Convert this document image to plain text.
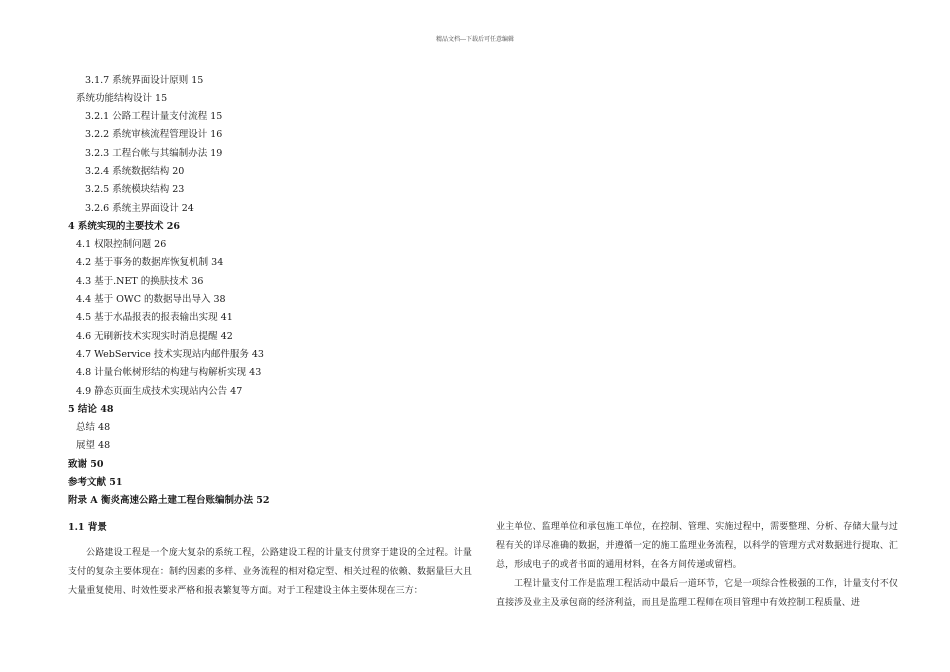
精品文档---下载后可任意编辑
3.1.7 系统界面设计原则 15
系统功能结构设计 15
3.2.1 公路工程计量支付流程 15
3.2.2 系统审核流程管理设计 16
3.2.3 工程台帐与其编制办法 19
3.2.4 系统数据结构 20
3.2.5 系统模块结构 23
3.2.6 系统主界面设计 24
4 系统实现的主要技术 26
4.1 权限控制问题 26
4.2 基于事务的数据库恢复机制 34
4.3 基于.NET 的换肤技术 36
4.4 基于 OWC 的数据导出导入 38
4.5 基于水晶报表的报表输出实现 41
4.6 无刷新技术实现实时消息提醒 42
4.7 WebService 技术实现站内邮件服务 43
4.8 计量台帐树形结的构建与构解析实现 43
4.9 静态页面生成技术实现站内公告 47
5 结论 48
总结 48
展望 48
致谢 50
参考文献 51
附录 A 衡炎高速公路土建工程台账编制办法 52
1.1 背景

公路建设工程是一个庞大复杂的系统工程，公路建设工程的计量支付贯穿于建设的全过程。计量支付的复杂主要体现在：制约因素的多样、业务流程的相对稳定型、相关过程的依赖、数据量巨大且大量重复使用、时效性要求严格和报表繁复等方面。对于工程建设主体主要体现在三方：

业主单位、监理单位和承包施工单位，在控制、管理、实施过程中，需要整理、分析、存储大量与过程有关的详尽准确的数据，并遵循一定的施工监理业务流程，以科学的管理方式对数据进行提取、汇总，形成电子的或者书面的通用材料，在各方间传递或留档。

工程计量支付工作是监理工程活动中最后一道环节，它是一项综合性极强的工作，计量支付不仅直接涉及业主及承包商的经济利益，而且是监理工程师在项目管理中有效控制工程质量、进
